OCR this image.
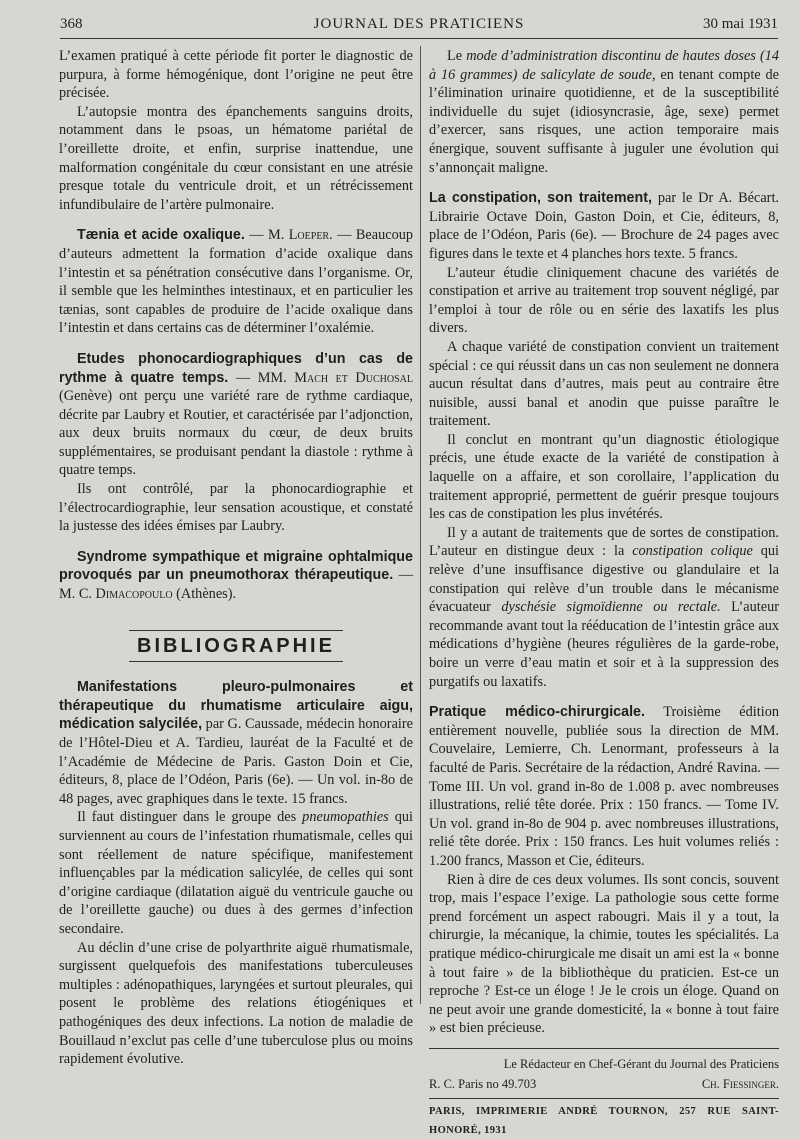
368	JOURNAL DES PRATICIENS	30 mai 1931

L’examen pratiqué à cette période fit porter le diagnostic de purpura, à forme hémogénique, dont l’origine ne peut être précisée.

L’autopsie montra des épanchements sanguins droits, notamment dans le psoas, un hématome pariétal de l’oreillette droite, et enfin, surprise inattendue, une malformation congénitale du cœur consistant en une atrésie presque totale du ventricule droit, et un rétrécissement infundibulaire de l’artère pulmonaire.

Tænia et acide oxalique. — M. Loeper. — Beaucoup d’auteurs admettent la formation d’acide oxalique dans l’intestin et sa pénétration consécutive dans l’organisme. Or, il semble que les helminthes intestinaux, et en particulier les tænias, sont capables de produire de l’acide oxalique dans l’intestin et dans certains cas de déterminer l’oxalémie.

Etudes phonocardiographiques d’un cas de rythme à quatre temps. — MM. Mach et Duchosal (Genève) ont perçu une variété rare de rythme cardiaque, décrite par Laubry et Routier, et caractérisée par l’adjonction, aux deux bruits normaux du cœur, de deux bruits supplémentaires, se produisant pendant la diastole : rythme à quatre temps.

Ils ont contrôlé, par la phonocardiographie et l’électrocardiographie, leur sensation acoustique, et constaté la justesse des idées émises par Laubry.

Syndrome sympathique et migraine ophtalmique provoqués par un pneumothorax thérapeutique. — M. C. Dimacopoulo (Athènes).

BIBLIOGRAPHIE

Manifestations pleuro-pulmonaires et thérapeutique du rhumatisme articulaire aigu, médication salycilée, par G. Caussade, médecin honoraire de l’Hôtel-Dieu et A. Tardieu, lauréat de la Faculté et de l’Académie de Médecine de Paris. Gaston Doin et Cie, éditeurs, 8, place de l’Odéon, Paris (6e). — Un vol. in-8o de 48 pages, avec graphiques dans le texte. 15 francs.

Il faut distinguer dans le groupe des pneumopathies qui surviennent au cours de l’infestation rhumatismale, celles qui sont réellement de nature spécifique, manifestement influençables par la médication salicylée, de celles qui sont d’origine cardiaque (dilatation aiguë du ventricule gauche ou de l’oreillette gauche) ou dues à des germes d’infection secondaire.

Au déclin d’une crise de polyarthrite aiguë rhumatismale, surgissent quelquefois des manifestations tuberculeuses multiples : adénopathiques, laryngées et surtout pleurales, qui posent le problème des relations étiogéniques et pathogéniques des deux infections. La notion de maladie de Bouillaud n’exclut pas celle d’une tuberculose plus ou moins rapidement évolutive.

Le mode d’administration discontinu de hautes doses (14 à 16 grammes) de salicylate de soude, en tenant compte de l’élimination urinaire quotidienne, et de la susceptibilité individuelle du sujet (idiosyncrasie, âge, sexe) permet d’exercer, sans risques, une action temporaire mais énergique, souvent suffisante à juguler une évolution qui s’annonçait maligne.

La constipation, son traitement, par le Dr A. Bécart. Librairie Octave Doin, Gaston Doin, et Cie, éditeurs, 8, place de l’Odéon, Paris (6e). — Brochure de 24 pages avec figures dans le texte et 4 planches hors texte. 5 francs.

L’auteur étudie cliniquement chacune des variétés de constipation et arrive au traitement trop souvent négligé, par l’emploi à tour de rôle ou en série des laxatifs les plus divers.

A chaque variété de constipation convient un traitement spécial : ce qui réussit dans un cas non seulement ne donnera aucun résultat dans d’autres, mais peut au contraire être nuisible, aussi banal et anodin que puisse paraître le traitement.

Il conclut en montrant qu’un diagnostic étiologique précis, une étude exacte de la variété de constipation à laquelle on a affaire, et son corollaire, l’application du traitement approprié, permettent de guérir presque toujours les cas de constipation les plus invétérés.

Il y a autant de traitements que de sortes de constipation. L’auteur en distingue deux : la constipation colique qui relève d’une insuffisance digestive ou glandulaire et la constipation qui relève d’un trouble dans le mécanisme évacuateur dyschésie sigmoïdienne ou rectale. L’auteur recommande avant tout la rééducation de l’intestin grâce aux médications d’hygiène (heures régulières de la garde-robe, boire un verre d’eau matin et soir et à la suppression des purgatifs ou laxatifs.

Pratique médico-chirurgicale. Troisième édition entièrement nouvelle, publiée sous la direction de MM. Couvelaire, Lemierre, Ch. Lenormant, professeurs à la faculté de Paris. Secrétaire de la rédaction, André Ravina. — Tome III. Un vol. grand in-8o de 1.008 p. avec nombreuses illustrations, relié tête dorée. Prix : 150 francs. — Tome IV. Un vol. grand in-8o de 904 p. avec nombreuses illustrations, relié tête dorée. Prix : 150 francs. Les huit volumes reliés : 1.200 francs, Masson et Cie, éditeurs.

Rien à dire de ces deux volumes. Ils sont concis, souvent trop, mais l’espace l’exige. La pathologie sous cette forme prend forcément un aspect rabougri. Mais il y a tout, la chirurgie, la mécanique, la chimie, toutes les spécialités. La pratique médico-chirurgicale me disait un ami est la « bonne à tout faire » de la bibliothèque du praticien. Est-ce un reproche ? Est-ce un éloge ! Je le crois un éloge. Quand on ne peut avoir une grande domesticité, la « bonne à tout faire » est bien précieuse.

Le Rédacteur en Chef-Gérant du Journal des Praticiens
R. C. Paris no 49.703	Ch. Fiessinger.
PARIS, IMPRIMERIE ANDRÉ TOURNON, 257 RUE SAINT-HONORÉ, 1931
